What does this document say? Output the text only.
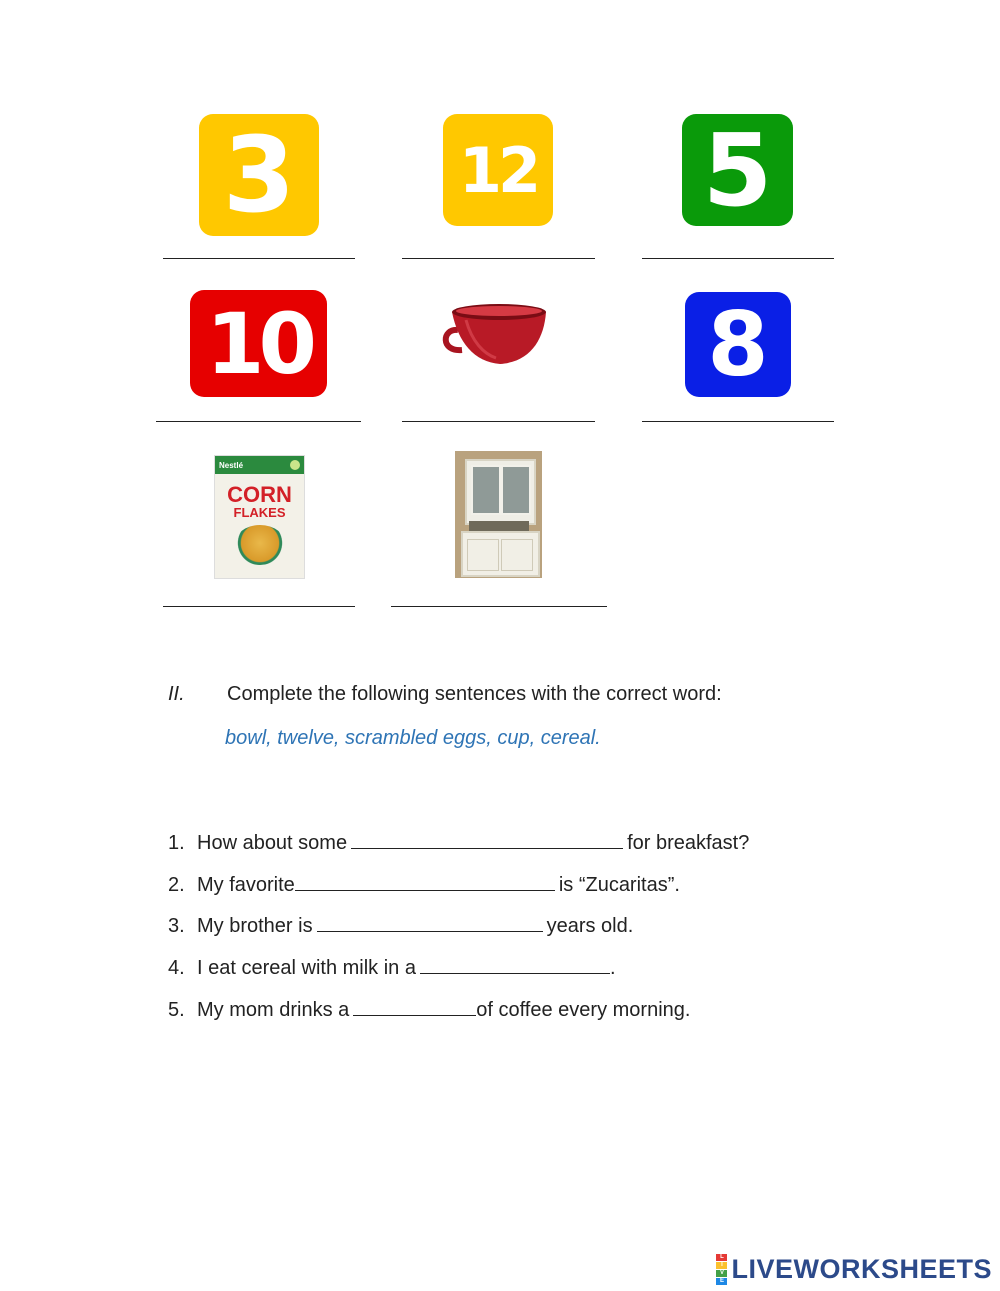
3	12 5
10	8
Nestlé
CORN
FLAKES
II. Complete the following sentences with the correct word:
bowl, twelve, scrambled eggs, cup, cereal.
1. How about some	for breakfast?
2. My favorite	is “Zucaritas”.
3. My brother is	years old.
4. I eat cereal with milk in a	.
5. My mom drinks a	of coffee every morning.
L
I
V
E LIVEWORKSHEETS
